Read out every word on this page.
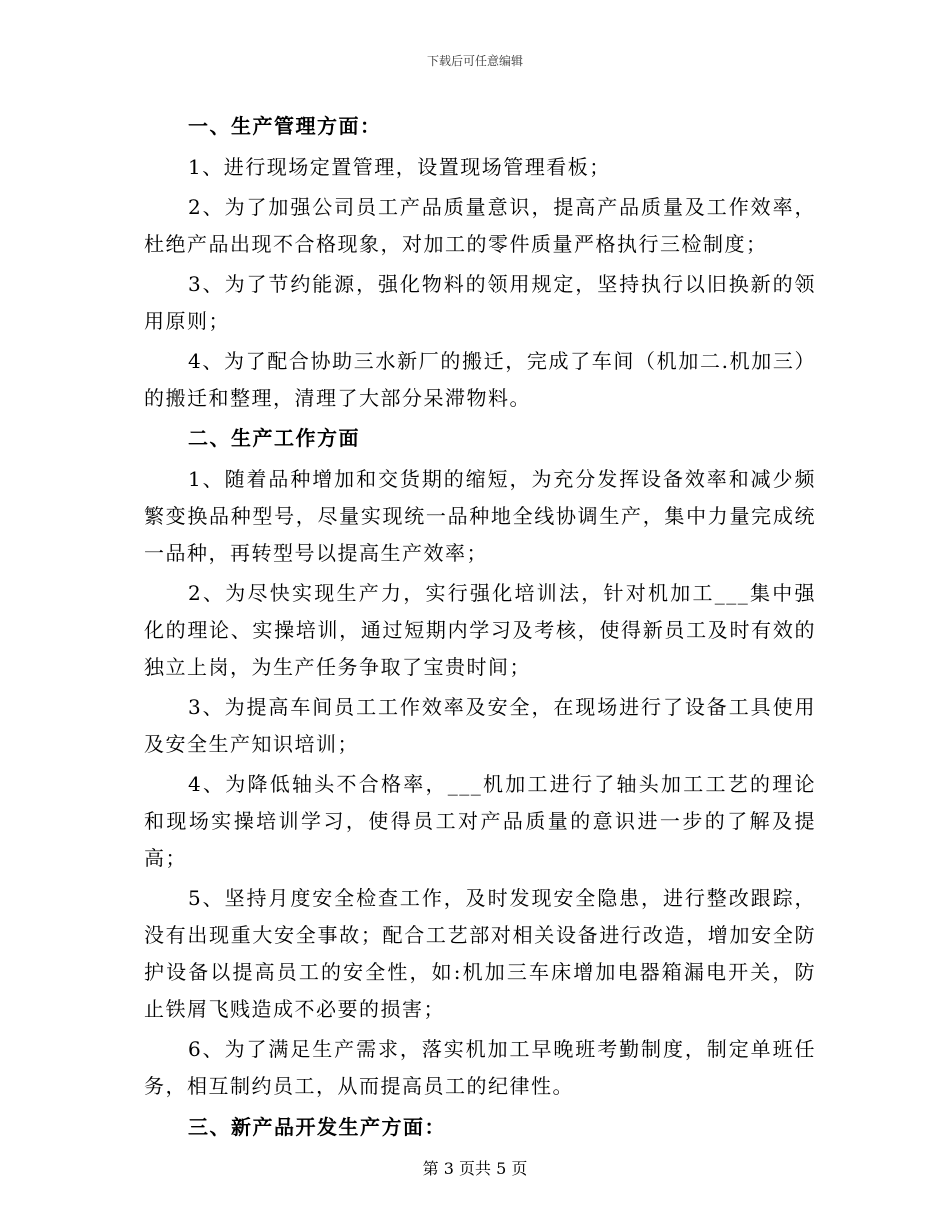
下载后可任意编辑
一、生产管理方面：

1、进行现场定置管理，设置现场管理看板；

2、为了加强公司员工产品质量意识，提高产品质量及工作效率，杜绝产品出现不合格现象，对加工的零件质量严格执行三检制度；

3、为了节约能源，强化物料的领用规定，坚持执行以旧换新的领用原则；

4、为了配合协助三水新厂的搬迁，完成了车间（机加二.机加三）的搬迁和整理，清理了大部分呆滞物料。

二、生产工作方面

1、随着品种增加和交货期的缩短，为充分发挥设备效率和减少频繁变换品种型号，尽量实现统一品种地全线协调生产，集中力量完成统一品种，再转型号以提高生产效率；

2、为尽快实现生产力，实行强化培训法，针对机加工___集中强化的理论、实操培训，通过短期内学习及考核，使得新员工及时有效的独立上岗，为生产任务争取了宝贵时间；

3、为提高车间员工工作效率及安全，在现场进行了设备工具使用及安全生产知识培训；

4、为降低轴头不合格率，___机加工进行了轴头加工工艺的理论和现场实操培训学习，使得员工对产品质量的意识进一步的了解及提高；

5、坚持月度安全检查工作，及时发现安全隐患，进行整改跟踪，没有出现重大安全事故；配合工艺部对相关设备进行改造，增加安全防护设备以提高员工的安全性，如:机加三车床增加电器箱漏电开关，防止铁屑飞贱造成不必要的损害；

6、为了满足生产需求，落实机加工早晚班考勤制度，制定单班任务，相互制约员工，从而提高员工的纪律性。

三、新产品开发生产方面：
第 3 页共 5 页
